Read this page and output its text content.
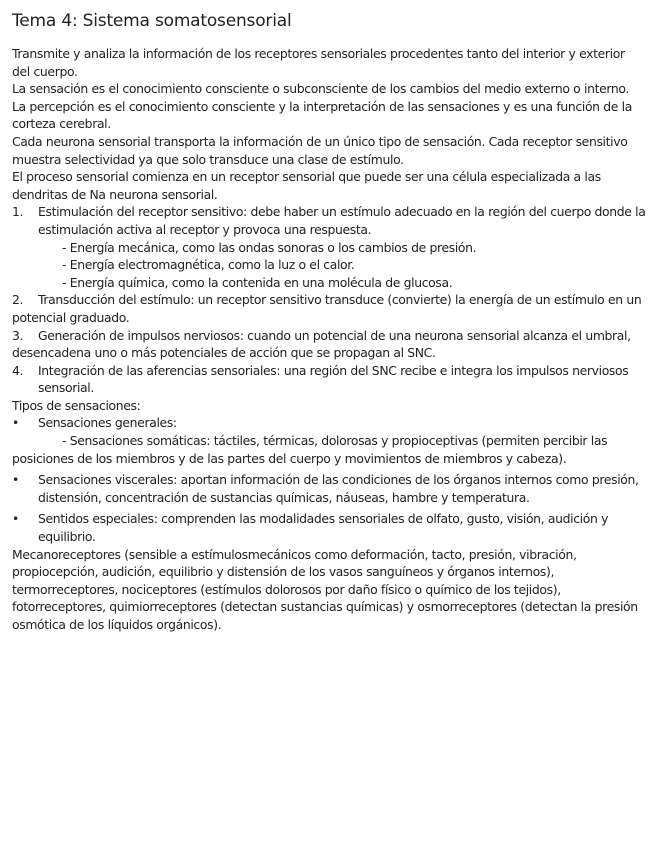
Tema 4: Sistema somatosensorial

Transmite y analiza la información de los receptores sensoriales procedentes tanto del interior y exterior del cuerpo.

La sensación es el conocimiento consciente o subconsciente de los cambios del medio externo o interno.

La percepción es el conocimiento consciente y la interpretación de las sensaciones y es una función de la corteza cerebral.

Cada neurona sensorial transporta la información de un único tipo de sensación. Cada receptor sensitivo muestra selectividad ya que solo transduce una clase de estímulo.

El proceso sensorial comienza en un receptor sensorial que puede ser una célula especializada a las dendritas de Na neurona sensorial.

1. Estimulación del receptor sensitivo: debe haber un estímulo adecuado en la región del cuerpo donde la estimulación activa al receptor y provoca una respuesta.

- Energía mecánica, como las ondas sonoras o los cambios de presión.

- Energía electromagnética, como la luz o el calor.

- Energía química, como la contenida en una molécula de glucosa.

2. Transducción del estímulo: un receptor sensitivo transduce (convierte) la energía de un estímulo en un potencial graduado.

3. Generación de impulsos nerviosos: cuando un potencial de una neurona sensorial alcanza el umbral, desencadena uno o más potenciales de acción que se propagan al SNC.

4. Integración de las aferencias sensoriales: una región del SNC recibe e integra los impulsos nerviosos sensorial.

Tipos de sensaciones:

• Sensaciones generales:

- Sensaciones somáticas: táctiles, térmicas, dolorosas y propioceptivas (permiten percibir las posiciones de los miembros y de las partes del cuerpo y movimientos de miembros y cabeza).

• Sensaciones viscerales: aportan información de las condiciones de los órganos internos como presión, distensión, concentración de sustancias químicas, náuseas, hambre y temperatura.

• Sentidos especiales: comprenden las modalidades sensoriales de olfato, gusto, visión, audición y equilibrio.

Mecanoreceptores (sensible a estímulosmecánicos como deformación, tacto, presión, vibración, propiocepción, audición, equilibrio y distensión de los vasos sanguíneos y órganos internos), termorreceptores, nociceptores (estímulos dolorosos por daño físico o químico de los tejidos), fotorreceptores, quimiorreceptores (detectan sustancias químicas) y osmorreceptores (detectan la presión osmótica de los líquidos orgánicos).
